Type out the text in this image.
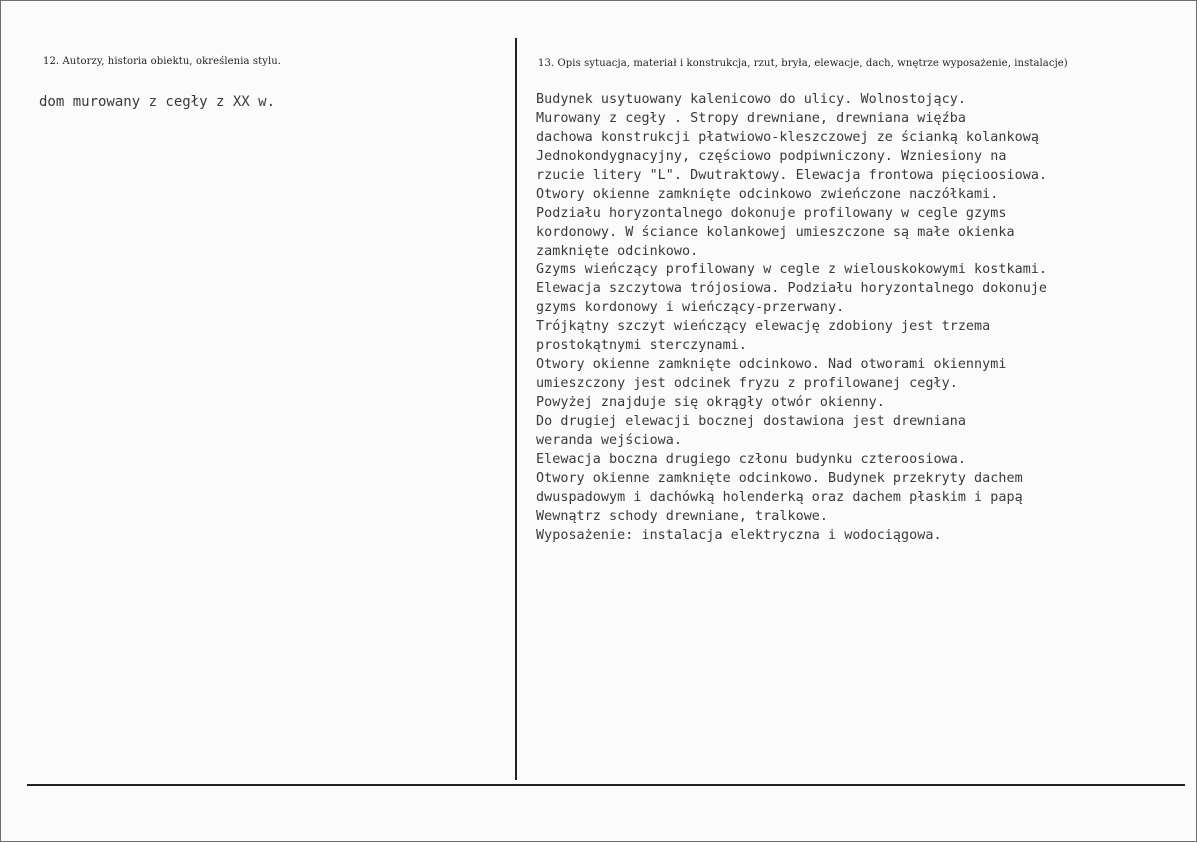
12. Autorzy, historia obiektu, określenia stylu.
dom murowany z cegły z XX w.
13. Opis sytuacja, materiał i konstrukcja, rzut, bryła, elewacje, dach, wnętrze wyposażenie, instalacje)
Budynek usytuowany kalenicowo do ulicy. Wolnostojący.
Murowany z cegły . Stropy drewniane, drewniana więźba
dachowa konstrukcji płatwiowo-kleszczowej ze ścianką kolankową
Jednokondygnacyjny, częściowo podpiwniczony. Wzniesiony na
rzucie litery "L". Dwutraktowy. Elewacja frontowa pięcioosiowa.
Otwory okienne zamknięte odcinkowo zwieńczone naczółkami.
Podziału horyzontalnego dokonuje profilowany w cegle gzyms
kordonowy. W ściance kolankowej umieszczone są małe okienka
zamknięte odcinkowo.
Gzyms wieńczący profilowany w cegle z wielouskokowymi kostkami.
Elewacja szczytowa trójosiowa. Podziału horyzontalnego dokonuje
gzyms kordonowy i wieńczący-przerwany.
Trójkątny szczyt wieńczący elewację zdobiony jest trzema
prostokątnymi sterczynami.
Otwory okienne zamknięte odcinkowo. Nad otworami okiennymi
umieszczony jest odcinek fryzu z profilowanej cegły.
Powyżej znajduje się okrągły otwór okienny.
Do drugiej elewacji bocznej dostawiona jest drewniana
weranda wejściowa.
Elewacja boczna drugiego członu budynku czteroosiowa.
Otwory okienne zamknięte odcinkowo. Budynek przekryty dachem
dwuspadowym i dachówką holenderką oraz dachem płaskim i papą
Wewnątrz schody drewniane, tralkowe.
Wyposażenie: instalacja elektryczna i wodociągowa.
